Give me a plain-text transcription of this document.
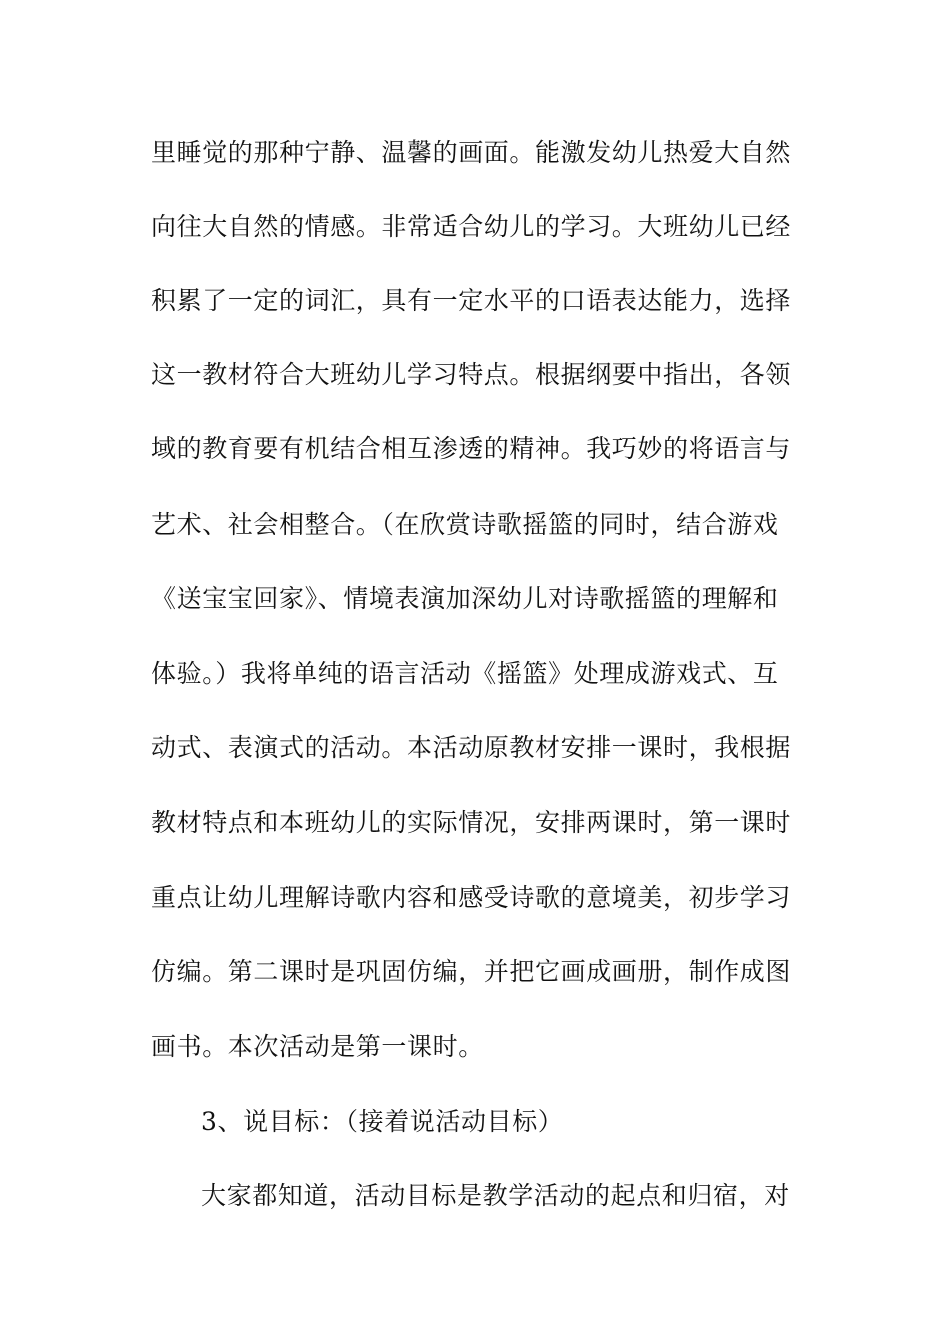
里睡觉的那种宁静、温馨的画面。能激发幼儿热爱大自然
向往大自然的情感。非常适合幼儿的学习。大班幼儿已经
积累了一定的词汇，具有一定水平的口语表达能力，选择
这一教材符合大班幼儿学习特点。根据纲要中指出，各领
域的教育要有机结合相互渗透的精神。我巧妙的将语言与
艺术、社会相整合。（在欣赏诗歌摇篮的同时，结合游戏
《送宝宝回家》、情境表演加深幼儿对诗歌摇篮的理解和
体验。）我将单纯的语言活动《摇篮》处理成游戏式、互
动式、表演式的活动。本活动原教材安排一课时，我根据
教材特点和本班幼儿的实际情况，安排两课时，第一课时
重点让幼儿理解诗歌内容和感受诗歌的意境美，初步学习
仿编。第二课时是巩固仿编，并把它画成画册，制作成图
画书。本次活动是第一课时。
3、说目标：（接着说活动目标）
大家都知道，活动目标是教学活动的起点和归宿，对
